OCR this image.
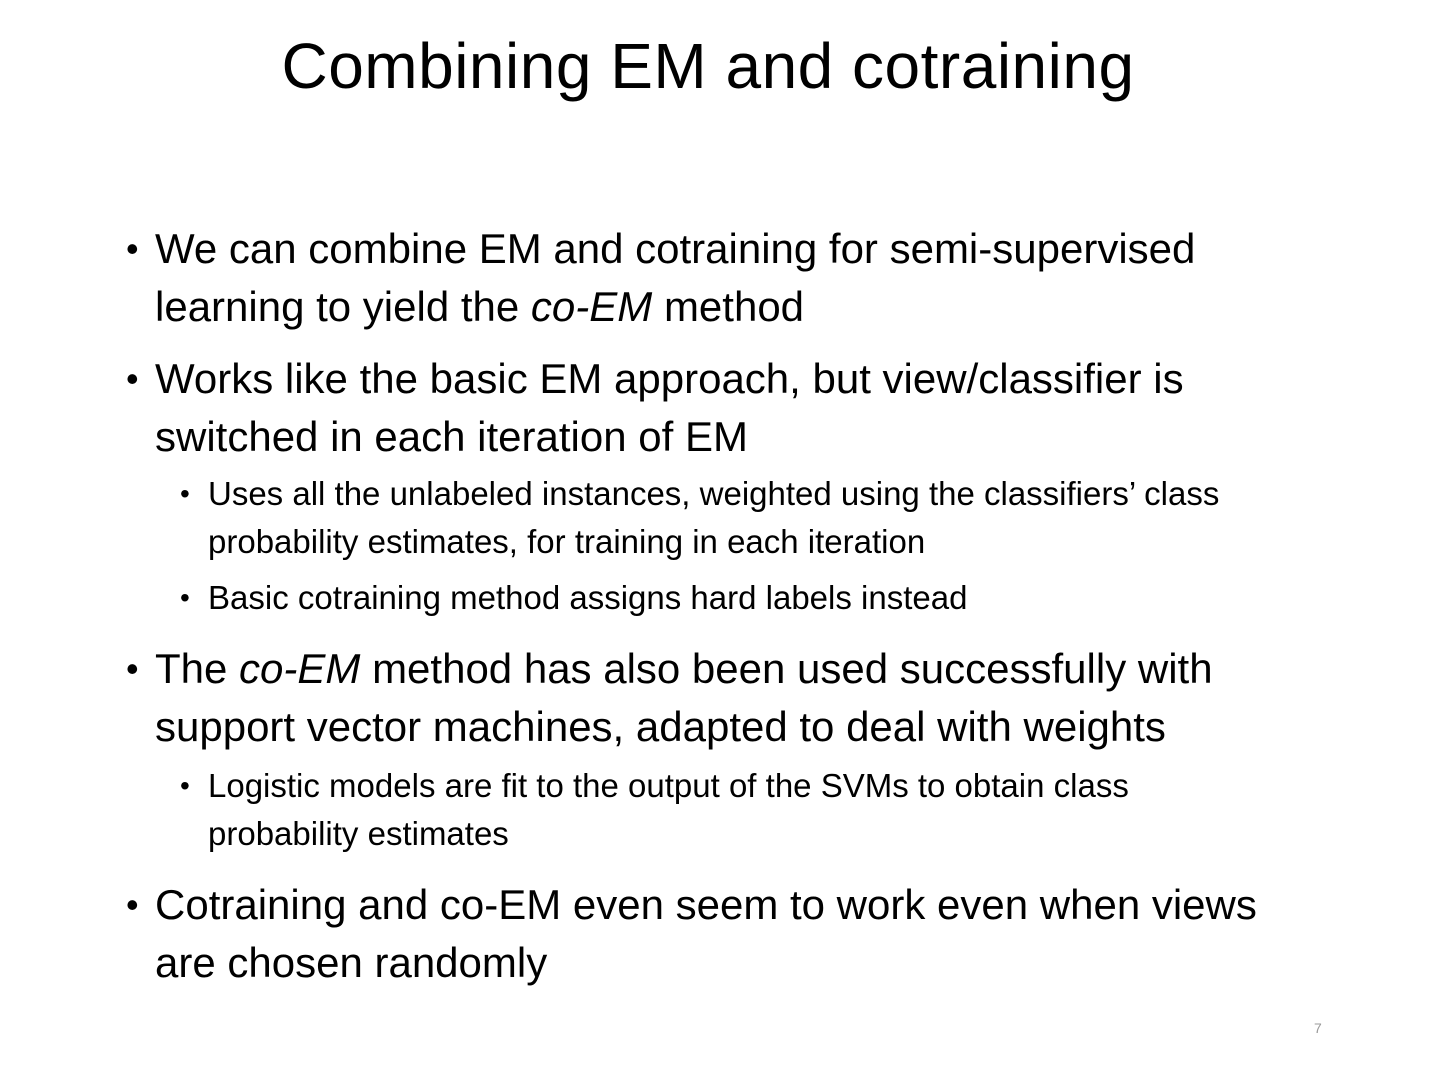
Combining EM and cotraining
• We can combine EM and cotraining for semi-supervised learning to yield the co-EM method
• Works like the basic EM approach, but view/classifier is switched in each iteration of EM
• Uses all the unlabeled instances, weighted using the classifiers’ class probability estimates, for training in each iteration
• Basic cotraining method assigns hard labels instead
• The co-EM method has also been used successfully with support vector machines, adapted to deal with weights
• Logistic models are fit to the output of the SVMs to obtain class probability estimates
• Cotraining and co-EM even seem to work even when views are chosen randomly
7
